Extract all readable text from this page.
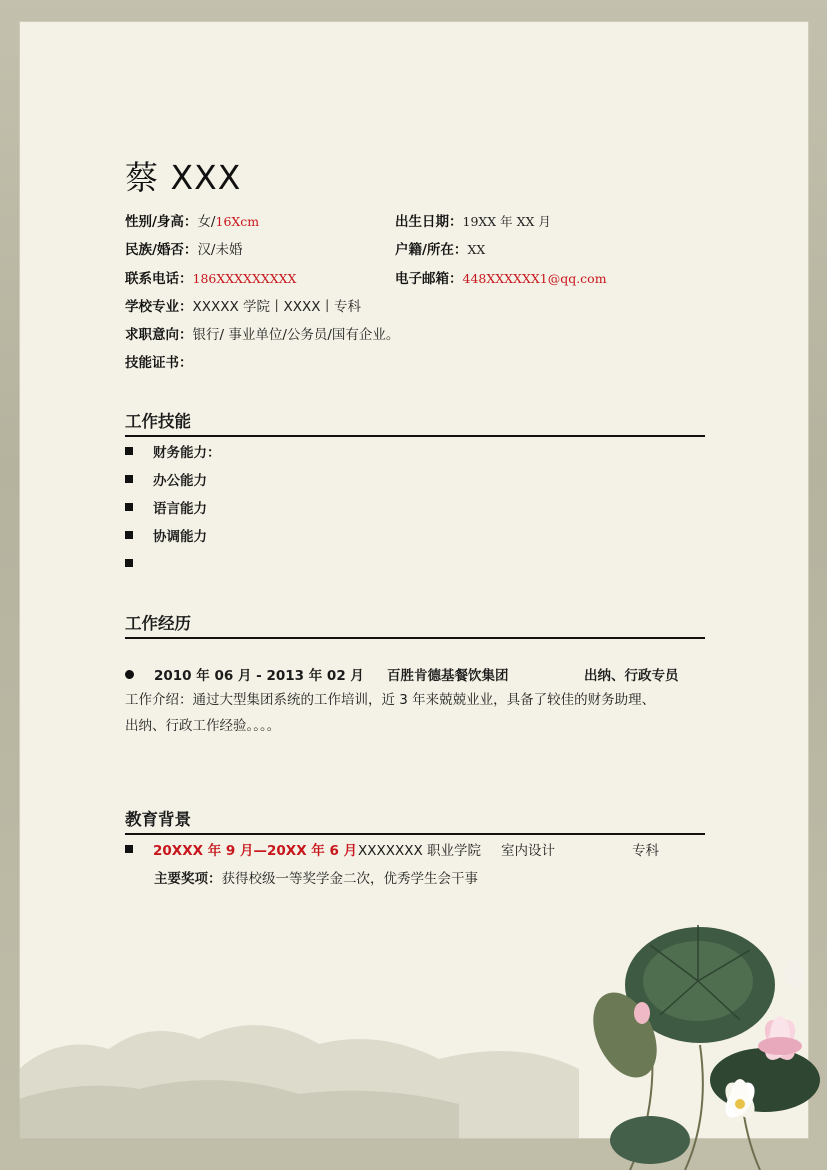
蔡 XXX
性别/身高：女/16Xcm	出生日期：19XX 年 XX 月
民族/婚否：汉/未婚	户籍/所在：XX
联系电话：186XXXXXXXXX	电子邮箱：448XXXXXX1@qq.com
学校专业：XXXXX 学院丨XXXX丨专科
求职意向：银行/ 事业单位/公务员/国有企业。
技能证书：
工作技能
财务能力：
办公能力
语言能力
协调能力
工作经历
2010 年 06 月 - 2013 年 02 月 百胜肯德基餐饮集团	出纳、行政专员
工作介绍：通过大型集团系统的工作培训，近 3 年来兢兢业业，具备了较佳的财务助理、
出纳、行政工作经验。。。。
教育背景
20XXX 年 9 月—20XX 年 6 月 XXXXXXX 职业学院 室内设计	专科
主要奖项：获得校级一等奖学金二次，优秀学生会干事
